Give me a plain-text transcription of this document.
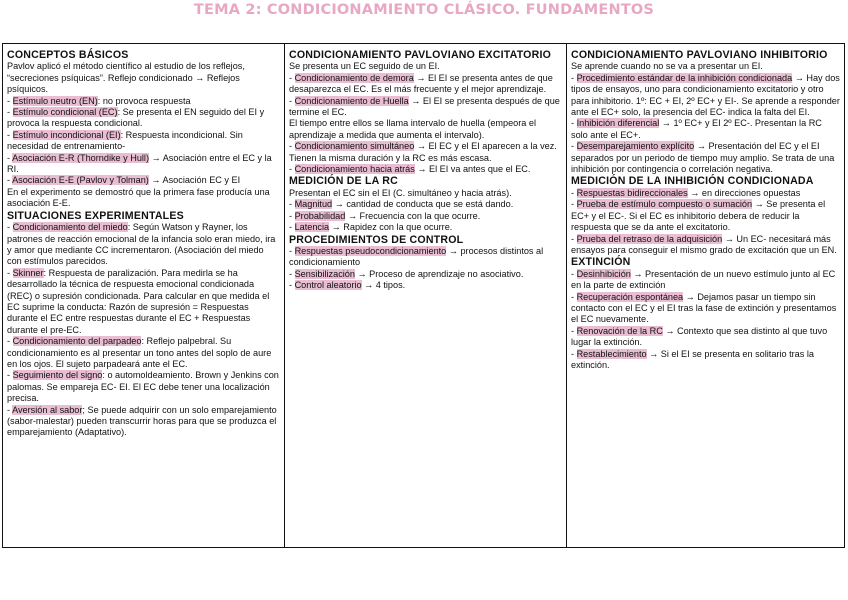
TEMA 2: CONDICIONAMIENTO CLÁSICO. FUNDAMENTOS

CONCEPTOS BÁSICOS

Pavlov aplicó el método científico al estudio de los reflejos, “secreciones psíquicas”. Reflejo condicionado → Reflejos psíquicos.

- Estímulo neutro (EN): no provoca respuesta

- Estímulo condicional (EC): Se presenta el EN seguido del EI y provoca la respuesta condicional.

- Estímulo incondicional (EI): Respuesta incondicional. Sin necesidad de entrenamiento-

- Asociación E-R (Thorndike y Hull) → Asociación entre el EC y la RI.

- Asociación E-E (Pavlov y Tolman) → Asociación EC y EI

En el experimento se demostró que la primera fase producía una asociación E-E.

SITUACIONES EXPERIMENTALES

- Condicionamiento del miedo: Según Watson y Rayner, los patrones de reacción emocional de la infancia solo eran miedo, ira y amor que mediante CC incrementaron. (Asociación del miedo con estímulos parecidos.

- Skinner: Respuesta de paralización. Para medirla se ha desarrollado la técnica de respuesta emocional condicionada (REC) o supresión condicionada. Para calcular en que medida el EC suprime la conducta: Razón de supresión = Respuestas durante el EC entre respuestas durante el EC + Respuestas durante el pre-EC.

- Condicionamiento del parpadeo: Reflejo palpebral. Su condicionamiento es al presentar un tono antes del soplo de aure en los ojos. El sujeto parpadeará ante el EC.

- Seguimiento del signo: o automoldeamiento. Brown y Jenkins con palomas. Se empareja EC- EI. El EC debe tener una localización precisa.

- Aversión al sabor; Se puede adquirir con un solo emparejamiento (sabor-malestar) pueden transcurrir horas para que se produzca el emparejamiento (Adaptativo).

CONDICIONAMIENTO PAVLOVIANO EXCITATORIO

Se presenta un EC seguido de un EI.

- Condicionamiento de demora → El EI se presenta antes de que desaparezca el EC. Es el más frecuente y el mejor aprendizaje.

- Condicionamiento de Huella → El EI se presenta después de que termine el EC.

El tiempo entre ellos se llama intervalo de huella (empeora el aprendizaje a medida que aumenta el intervalo).

- Condicionamiento simultáneo → El EC y el EI aparecen a la vez. Tienen la misma duración y la RC es más escasa.

- Condicionamiento hacia atrás → El EI va antes que el EC.

MEDICIÓN DE LA RC

Presentan el EC sin el EI (C. simultáneo y hacia atrás).

- Magnitud → cantidad de conducta que se está dando.

- Probabilidad → Frecuencia con la que ocurre.

- Latencia → Rapidez con la que ocurre.

PROCEDIMIENTOS DE CONTROL

- Respuestas pseudocondicionamiento → procesos distintos al condicionamiento

- Sensibilización → Proceso de aprendizaje no asociativo.

- Control aleatorio → 4 tipos.

CONDICIONAMIENTO PAVLOVIANO INHIBITORIO

Se aprende cuando no se va a presentar un EI.

- Procedimiento estándar de la inhibición condicionada → Hay dos tipos de ensayos, uno para condicionamiento excitatorio y otro para inhibitorio. 1º: EC + EI, 2º EC+ y EI-. Se aprende a responder ante el EC+ solo, la presencia del EC- indica la falta del EI.

- Inhibición diferencial → 1º EC+ y EI 2º EC-. Presentan la RC solo ante el EC+.

- Desemparejamiento explícito → Presentación del EC y el EI separados por un periodo de tiempo muy amplio. Se trata de una inhibición por contingencia o correlación negativa.

MEDICIÓN DE LA INHIBICIÓN CONDICIONADA

- Respuestas bidireccionales → en direcciones opuestas

- Prueba de estímulo compuesto o sumación → Se presenta el EC+ y el EC-. Si el EC es inhibitorio debera de reducir la respuesta que se da ante el excitatorio.

- Prueba del retraso de la adquisición → Un EC- necesitará más ensayos para conseguir el mismo grado de excitación que un EN.

EXTINCIÓN

- Desinhibición → Presentación de un nuevo estímulo junto al EC en la parte de extinción

- Recuperación espontánea → Dejamos pasar un tiempo sin contacto con el EC y el EI tras la fase de extinción y presentamos el EC nuevamente.

- Renovación de la RC → Contexto que sea distinto al que tuvo lugar la extinción.

- Restablecimiento → Si el EI se presenta en solitario tras la extinción.
